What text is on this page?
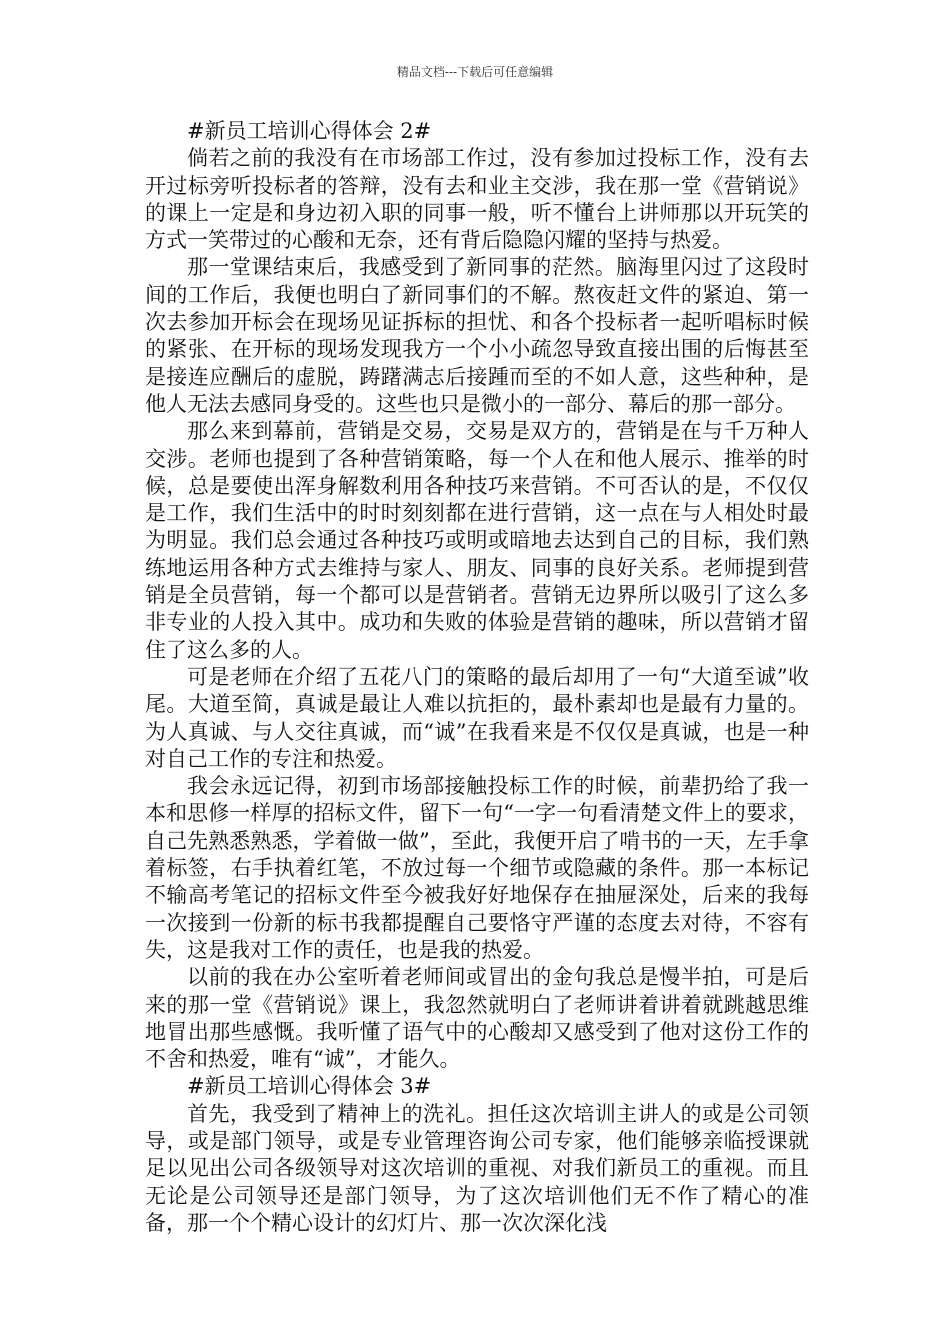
精品文档---下载后可任意编辑

#新员工培训心得体会 2#

倘若之前的我没有在市场部工作过，没有参加过投标工作，没有去开过标旁听投标者的答辩，没有去和业主交涉，我在那一堂《营销说》的课上一定是和身边初入职的同事一般，听不懂台上讲师那以开玩笑的方式一笑带过的心酸和无奈，还有背后隐隐闪耀的坚持与热爱。

那一堂课结束后，我感受到了新同事的茫然。脑海里闪过了这段时间的工作后，我便也明白了新同事们的不解。熬夜赶文件的紧迫、第一次去参加开标会在现场见证拆标的担忧、和各个投标者一起听唱标时候的紧张、在开标的现场发现我方一个小小疏忽导致直接出围的后悔甚至是接连应酬后的虚脱，踌躇满志后接踵而至的不如人意，这些种种，是他人无法去感同身受的。这些也只是微小的一部分、幕后的那一部分。

那么来到幕前，营销是交易，交易是双方的，营销是在与千万种人交涉。老师也提到了各种营销策略，每一个人在和他人展示、推举的时候，总是要使出浑身解数利用各种技巧来营销。不可否认的是，不仅仅是工作，我们生活中的时时刻刻都在进行营销，这一点在与人相处时最为明显。我们总会通过各种技巧或明或暗地去达到自己的目标，我们熟练地运用各种方式去维持与家人、朋友、同事的良好关系。老师提到营销是全员营销，每一个都可以是营销者。营销无边界所以吸引了这么多非专业的人投入其中。成功和失败的体验是营销的趣味，所以营销才留住了这么多的人。

可是老师在介绍了五花八门的策略的最后却用了一句“大道至诚”收尾。大道至简，真诚是最让人难以抗拒的，最朴素却也是最有力量的。为人真诚、与人交往真诚，而“诚”在我看来是不仅仅是真诚，也是一种对自己工作的专注和热爱。

我会永远记得，初到市场部接触投标工作的时候，前辈扔给了我一本和思修一样厚的招标文件，留下一句“一字一句看清楚文件上的要求，自己先熟悉熟悉，学着做一做”，至此，我便开启了啃书的一天，左手拿着标签，右手执着红笔，不放过每一个细节或隐藏的条件。那一本标记不输高考笔记的招标文件至今被我好好地保存在抽屉深处，后来的我每一次接到一份新的标书我都提醒自己要恪守严谨的态度去对待，不容有失，这是我对工作的责任，也是我的热爱。

以前的我在办公室听着老师间或冒出的金句我总是慢半拍，可是后来的那一堂《营销说》课上，我忽然就明白了老师讲着讲着就跳越思维地冒出那些感慨。我听懂了语气中的心酸却又感受到了他对这份工作的不舍和热爱，唯有“诚”，才能久。

#新员工培训心得体会 3#

首先，我受到了精神上的洗礼。担任这次培训主讲人的或是公司领导，或是部门领导，或是专业管理咨询公司专家，他们能够亲临授课就足以见出公司各级领导对这次培训的重视、对我们新员工的重视。而且无论是公司领导还是部门领导，为了这次培训他们无不作了精心的准备，那一个个精心设计的幻灯片、那一次次深化浅
